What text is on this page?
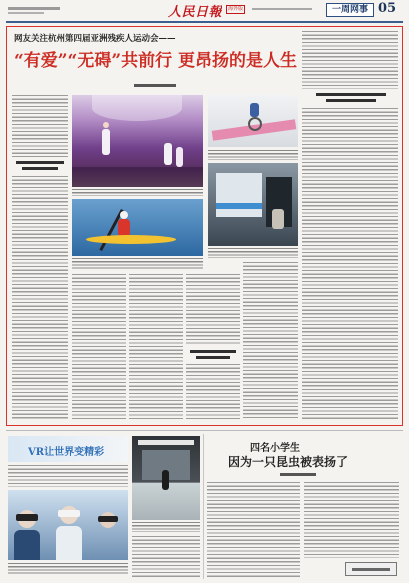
人民日報	海外版	一周网事 05
网友关注杭州第四届亚洲残疾人运动会——
“有爱”“无碍”共前行 更昂扬的是人生
VR让世界变精彩	四名小学生
因为一只昆虫被表扬了
